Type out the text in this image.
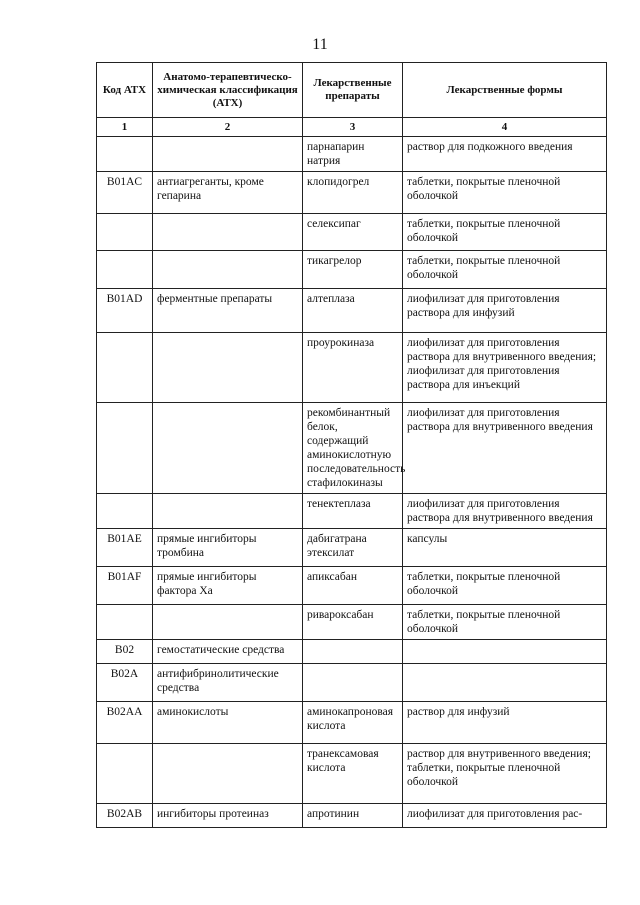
11
Код АТХ	Анатомо-терапевтическо-химическая классификация (АТХ)	Лекарственные препараты	Лекарственные формы
1	2	3	4
		парнапарин натрия	раствор для подкожного введения
B01AC	антиагреганты, кроме гепарина	клопидогрел	таблетки, покрытые пленочной оболочкой
		селексипаг	таблетки, покрытые пленочной оболочкой
		тикагрелор	таблетки, покрытые пленочной оболочкой
B01AD	ферментные препараты	алтеплаза	лиофилизат для приготовления раствора для инфузий
		проурокиназа	лиофилизат для приготовления раствора для внутривенного введения; лиофилизат для приготовления раствора для инъекций
		рекомбинантный белок, содержащий аминокислотную последовательность стафилокиназы	лиофилизат для приготовления раствора для внутривенного введения
		тенектеплаза	лиофилизат для приготовления раствора для внутривенного введения
B01AE	прямые ингибиторы тромбина	дабигатрана этексилат	капсулы
B01AF	прямые ингибиторы фактора Xa	апиксабан	таблетки, покрытые пленочной оболочкой
		ривароксабан	таблетки, покрытые пленочной оболочкой
B02	гемостатические средства		
B02A	антифибринолитические средства		
B02AA	аминокислоты	аминокапроновая кислота	раствор для инфузий
		транексамовая кислота	раствор для внутривенного введения; таблетки, покрытые пленочной оболочкой
B02AB	ингибиторы протеиназ	апротинин	лиофилизат для приготовления рас-
